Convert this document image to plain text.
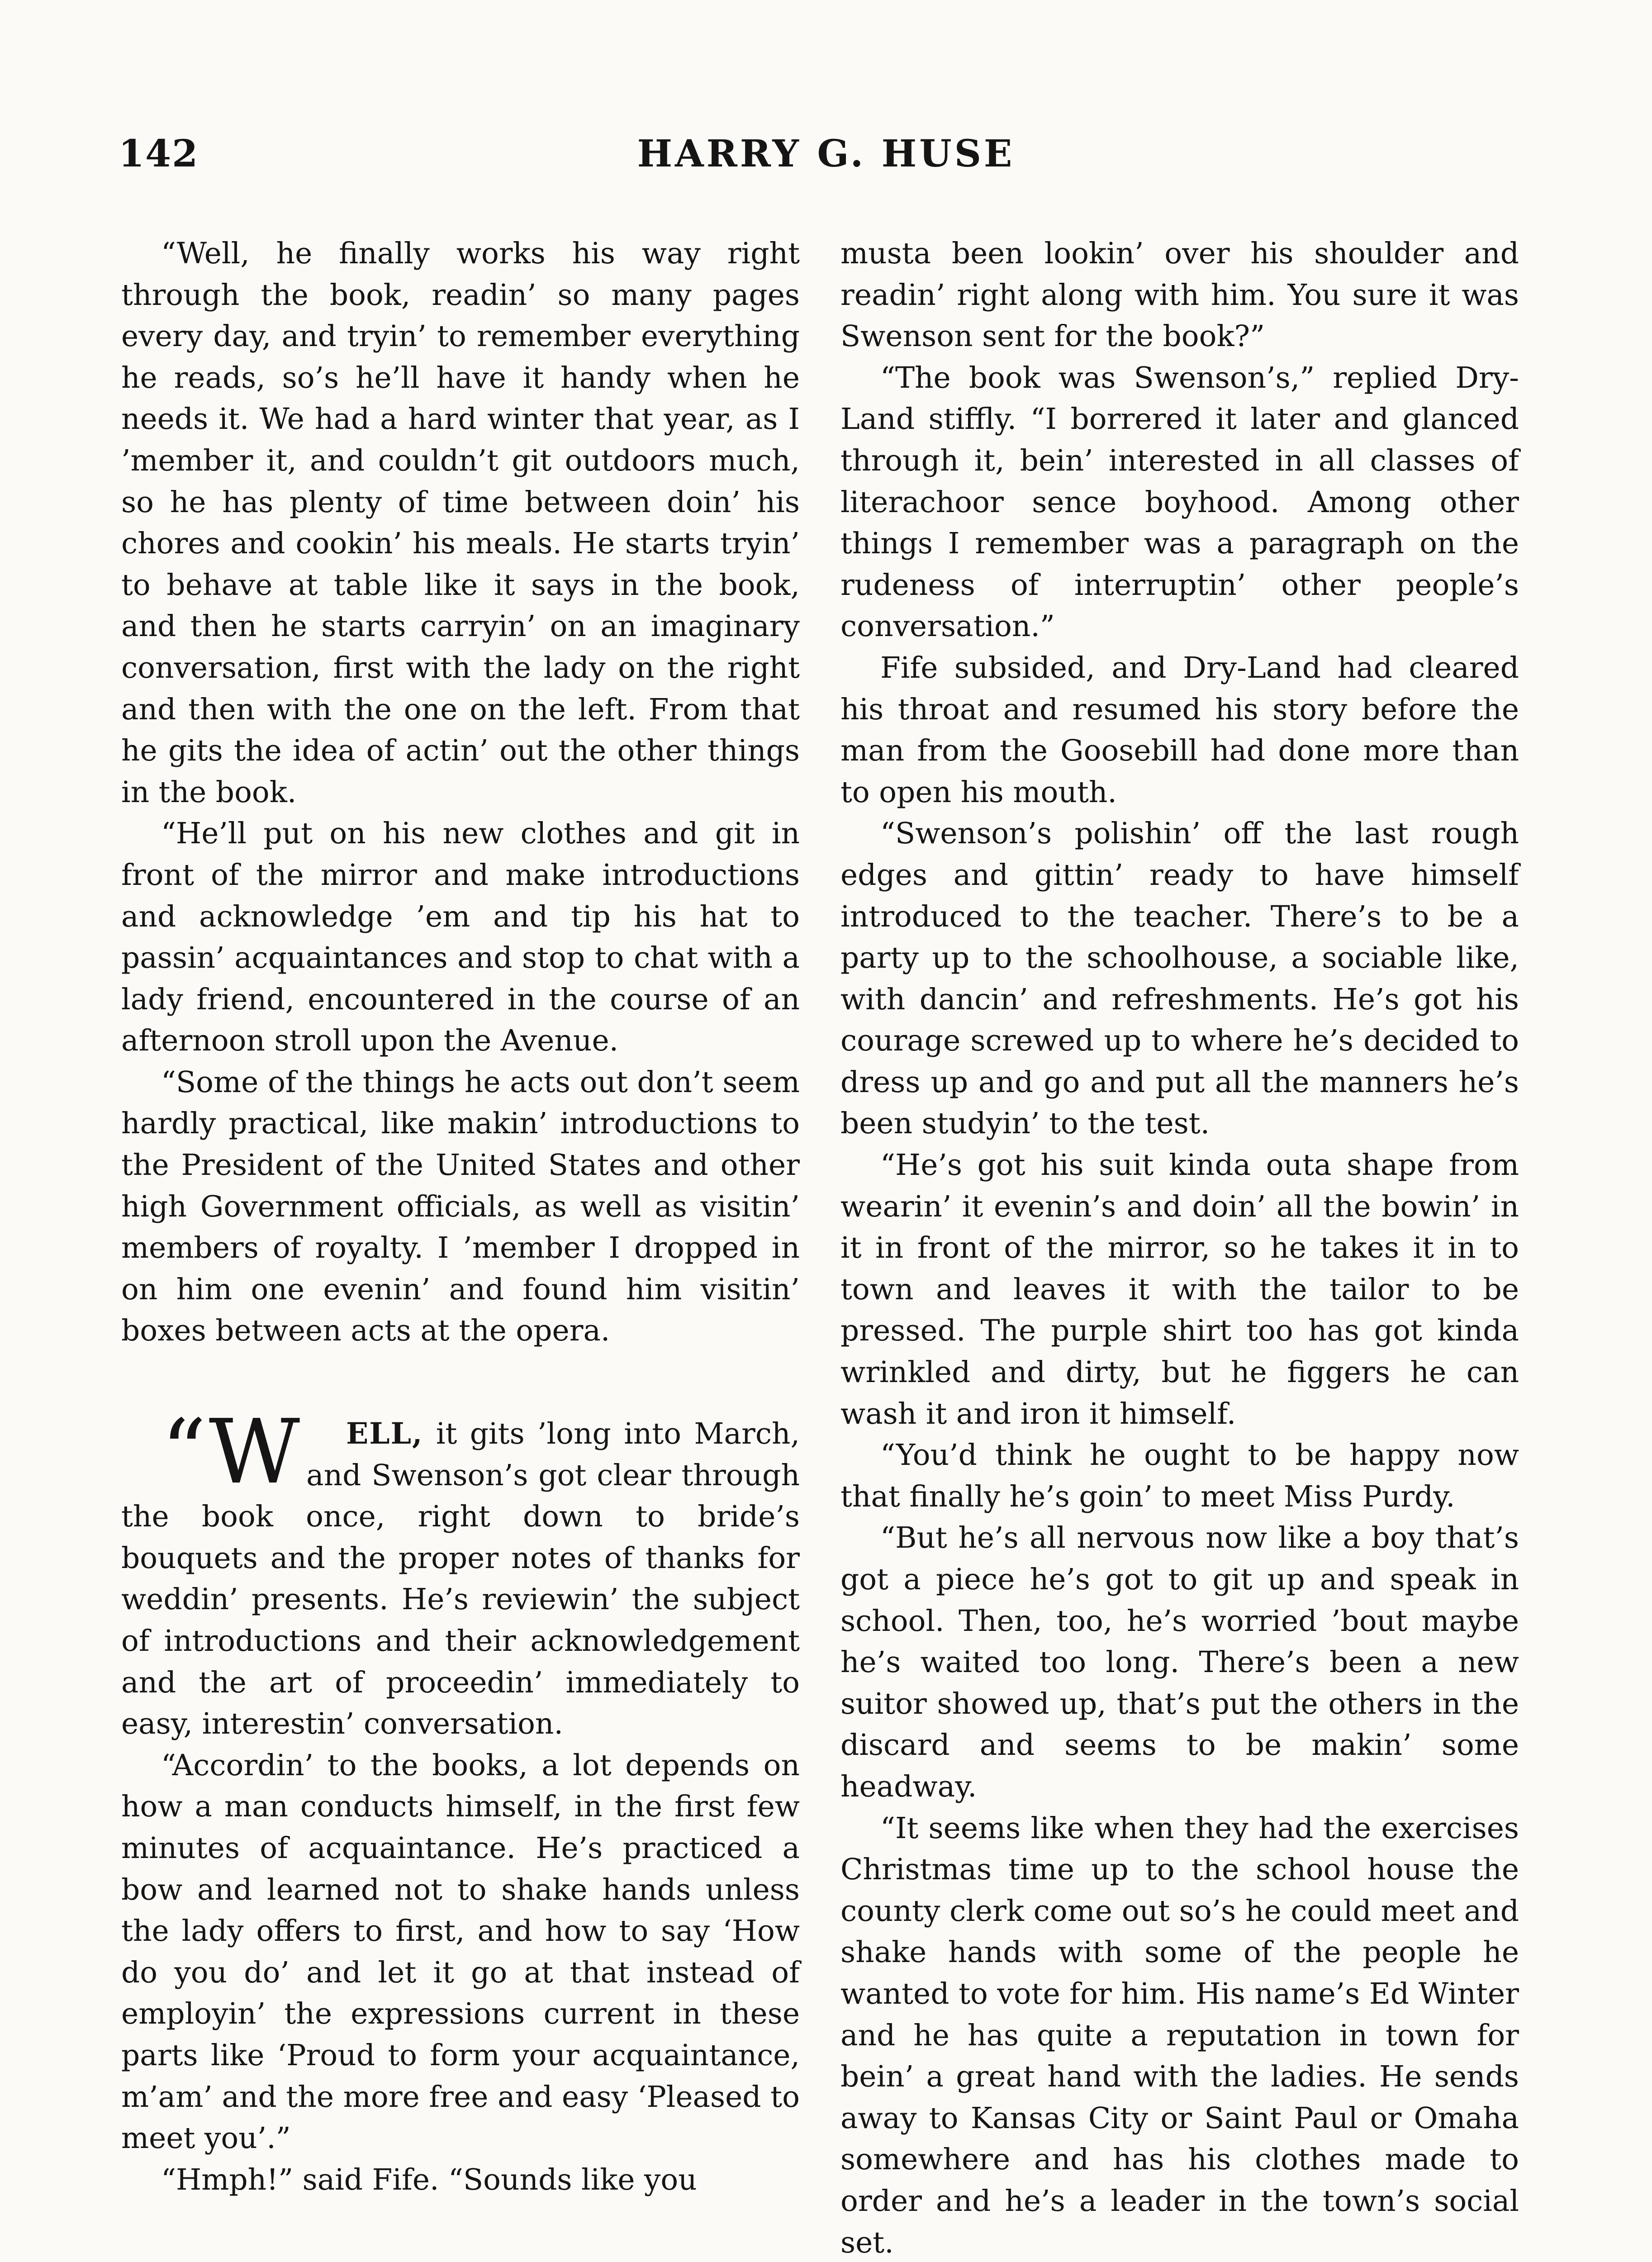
142	HARRY G. HUSE

“Well, he finally works his way right through the book, readin’ so many pages every day, and tryin’ to remember everything he reads, so’s he’ll have it handy when he needs it. We had a hard winter that year, as I ’member it, and couldn’t git outdoors much, so he has plenty of time between doin’ his chores and cookin’ his meals. He starts tryin’ to behave at table like it says in the book, and then he starts carryin’ on an imaginary conversation, first with the lady on the right and then with the one on the left. From that he gits the idea of actin’ out the other things in the book.

“He’ll put on his new clothes and git in front of the mirror and make introductions and acknowledge ’em and tip his hat to passin’ acquaintances and stop to chat with a lady friend, encountered in the course of an afternoon stroll upon the Avenue.

“Some of the things he acts out don’t seem hardly practical, like makin’ introductions to the President of the United States and other high Government officials, as well as visitin’ members of royalty. I ’member I dropped in on him one evenin’ and found him visitin’ boxes between acts at the opera.

“W ELL, it gits ’long into March, and Swenson’s got clear through the book once, right down to bride’s bouquets and the proper notes of thanks for weddin’ presents. He’s reviewin’ the subject of introductions and their acknowledgement and the art of proceedin’ immediately to easy, interestin’ conversation.

“Accordin’ to the books, a lot depends on how a man conducts himself, in the first few minutes of acquaintance. He’s practiced a bow and learned not to shake hands unless the lady offers to first, and how to say ‘How do you do’ and let it go at that instead of employin’ the expressions current in these parts like ‘Proud to form your acquaintance, m’am’ and the more free and easy ‘Pleased to meet you’.”

“Hmph!” said Fife. “Sounds like you

musta been lookin’ over his shoulder and readin’ right along with him. You sure it was Swenson sent for the book?”

“The book was Swenson’s,” replied Dry-Land stiffly. “I borrered it later and glanced through it, bein’ interested in all classes of literachoor sence boyhood. Among other things I remember was a paragraph on the rudeness of interruptin’ other people’s conversation.”

Fife subsided, and Dry-Land had cleared his throat and resumed his story before the man from the Goosebill had done more than to open his mouth.

“Swenson’s polishin’ off the last rough edges and gittin’ ready to have himself introduced to the teacher. There’s to be a party up to the schoolhouse, a sociable like, with dancin’ and refreshments. He’s got his courage screwed up to where he’s decided to dress up and go and put all the manners he’s been studyin’ to the test.

“He’s got his suit kinda outa shape from wearin’ it evenin’s and doin’ all the bowin’ in it in front of the mirror, so he takes it in to town and leaves it with the tailor to be pressed. The purple shirt too has got kinda wrinkled and dirty, but he figgers he can wash it and iron it himself.

“You’d think he ought to be happy now that finally he’s goin’ to meet Miss Purdy.

“But he’s all nervous now like a boy that’s got a piece he’s got to git up and speak in school. Then, too, he’s worried ’bout maybe he’s waited too long. There’s been a new suitor showed up, that’s put the others in the discard and seems to be makin’ some headway.

“It seems like when they had the exercises Christmas time up to the school house the county clerk come out so’s he could meet and shake hands with some of the people he wanted to vote for him. His name’s Ed Winter and he has quite a reputation in town for bein’ a great hand with the ladies. He sends away to Kansas City or Saint Paul or Omaha somewhere and has his clothes made to order and he’s a leader in the town’s social set.
